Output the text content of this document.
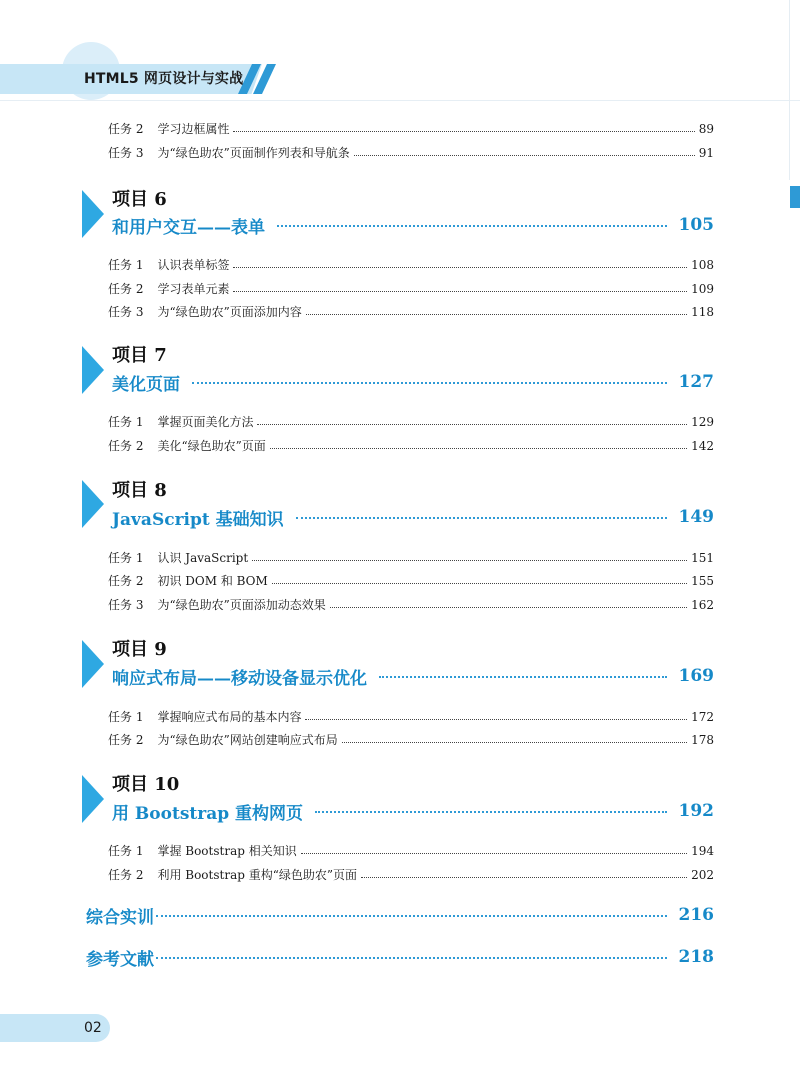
HTML5 网页设计与实战
任务 2 学习边框属性	89
任务 3 为“绿色助农”页面制作列表和导航条	91
项目 6
和用户交互——表单	105
任务 1 认识表单标签	108
任务 2 学习表单元素	109
任务 3 为“绿色助农”页面添加内容	118
项目 7
美化页面	127
任务 1 掌握页面美化方法	129
任务 2 美化“绿色助农”页面	142
项目 8
JavaScript 基础知识	149
任务 1 认识 JavaScript	151
任务 2 初识 DOM 和 BOM	155
任务 3 为“绿色助农”页面添加动态效果	162
项目 9
响应式布局——移动设备显示优化	169
任务 1 掌握响应式布局的基本内容	172
任务 2 为“绿色助农”网站创建响应式布局	178
项目 10
用 Bootstrap 重构网页	192
任务 1 掌握 Bootstrap 相关知识	194
任务 2 利用 Bootstrap 重构“绿色助农”页面	202
综合实训	216
参考文献	218
02
